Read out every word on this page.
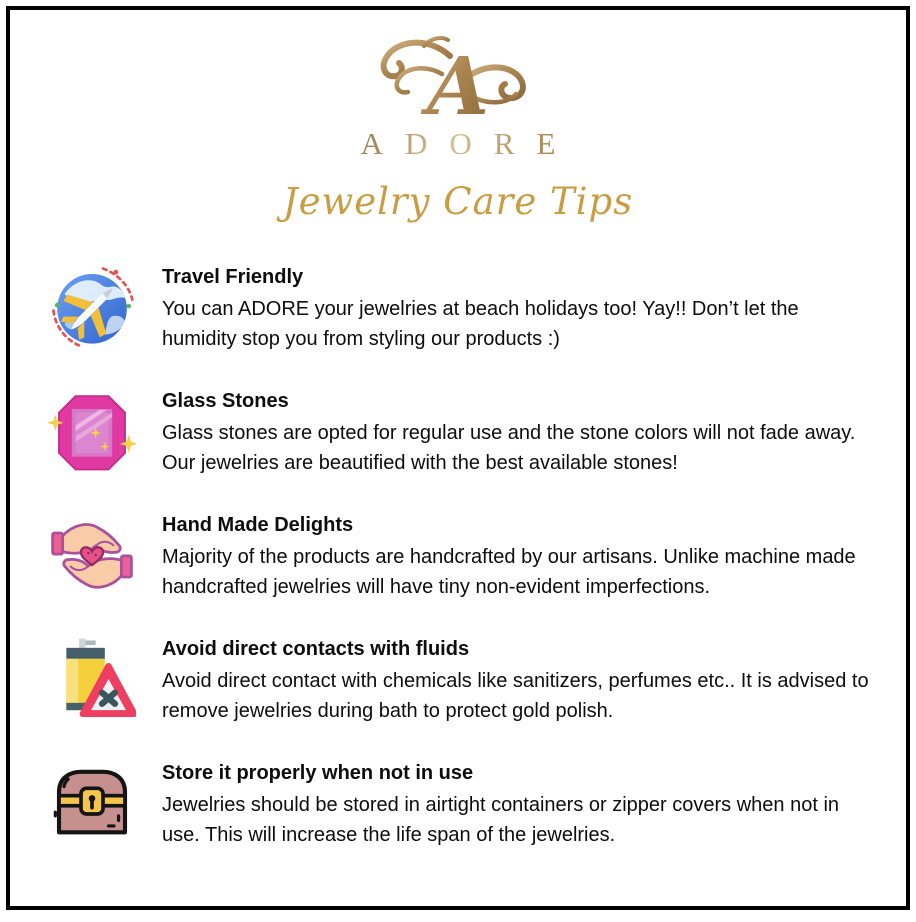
A
ADORE
Jewelry Care Tips
Travel Friendly

You can ADORE your jewelries at beach holidays too! Yay!! Don’t let the humidity stop you from styling our products :)

Glass Stones

Glass stones are opted for regular use and the stone colors will not fade away. Our jewelries are beautified with the best available stones!

Hand Made Delights

Majority of the products are handcrafted by our artisans. Unlike machine made handcrafted jewelries will have tiny non-evident imperfections.

Avoid direct contacts with fluids

Avoid direct contact with chemicals like sanitizers, perfumes etc.. It is advised to remove jewelries during bath to protect gold polish.

Store it properly when not in use

Jewelries should be stored in airtight containers or zipper covers when not in use. This will increase the life span of the jewelries.
